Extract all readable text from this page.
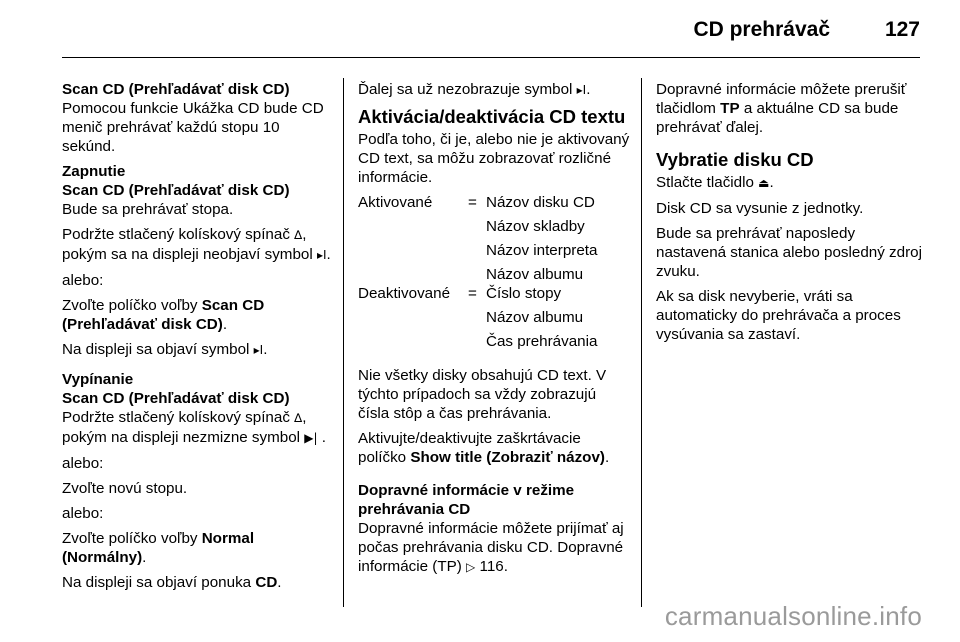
CD prehrávač	127
Scan CD (Prehľadávať disk CD)

Pomocou funkcie Ukážka CD bude CD menič prehrávať každú stopu 10 sekúnd.

Zapnutie
Scan CD (Prehľadávať disk CD)

Bude sa prehrávať stopa.

Podržte stlačený kolískový spínač ∆, pokým sa na displeji neobjaví symbol ▸I.

alebo:

Zvoľte políčko voľby Scan CD (Prehľadávať disk CD).

Na displeji sa objaví symbol ▸I.

Vypínanie
Scan CD (Prehľadávať disk CD)

Podržte stlačený kolískový spínač ∆, pokým na displeji nezmizne symbol ▶| .

alebo:

Zvoľte novú stopu.

alebo:

Zvoľte políčko voľby Normal (Normálny).

Na displeji sa objaví ponuka CD.

Ďalej sa už nezobrazuje symbol ▸I.

Aktivácia/deaktivácia CD textu

Podľa toho, či je, alebo nie je aktivovaný CD text, sa môžu zobrazovať rozličné informácie.

Aktivované	=	Názov disku CD
		Názov skladby
		Názov interpreta
		Názov albumu
Deaktivované	=	Číslo stopy
		Názov albumu
		Čas prehrávania

Nie všetky disky obsahujú CD text. V týchto prípadoch sa vždy zobrazujú čísla stôp a čas prehrávania.

Aktivujte/deaktivujte zaškrtávacie políčko Show title (Zobraziť názov).

Dopravné informácie v režime prehrávania CD

Dopravné informácie môžete prijímať aj počas prehrávania disku CD. Dopravné informácie (TP) ▷ 116.

Dopravné informácie môžete prerušiť tlačidlom TP a aktuálne CD sa bude prehrávať ďalej.

Vybratie disku CD

Stlačte tlačidlo ⏏.

Disk CD sa vysunie z jednotky.

Bude sa prehrávať naposledy nastavená stanica alebo posledný zdroj zvuku.

Ak sa disk nevyberie, vráti sa automaticky do prehrávača a proces vysúvania sa zastaví.

carmanualsonline.info
